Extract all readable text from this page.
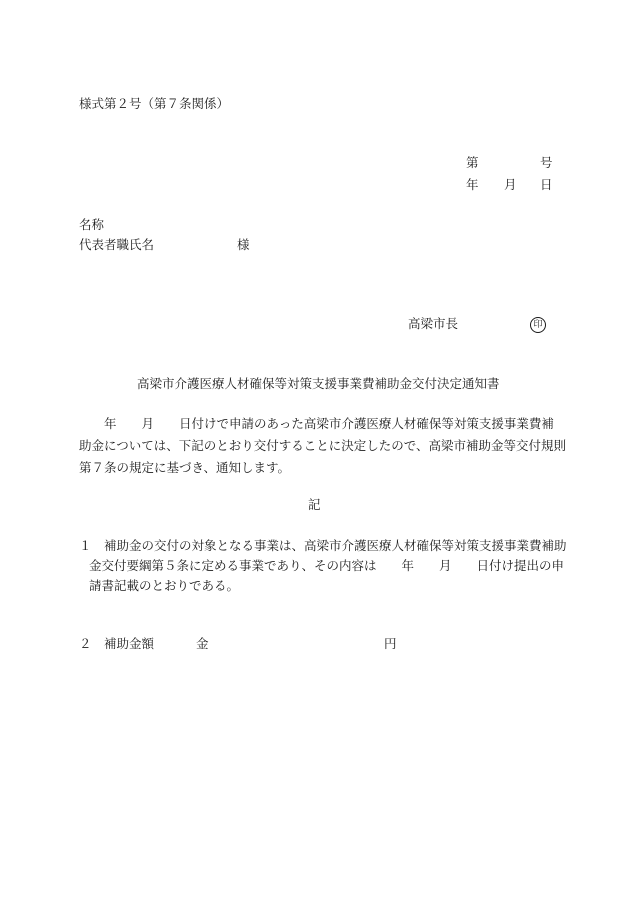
様式第２号（第７条関係）
第	号
年 月 日
名称
代表者職氏名	様
高梁市長	印
高梁市介護医療人材確保等対策支援事業費補助金交付決定通知書
　　年　　月　　日付けで申請のあった高梁市介護医療人材確保等対策支援事業費補
助金については、下記のとおり交付することに決定したので、高梁市補助金等交付規則
第７条の規定に基づき、通知します。
記
１　補助金の交付の対象となる事業は、高梁市介護医療人材確保等対策支援事業費補助
金交付要綱第５条に定める事業であり、その内容は　　年　　月　　日付け提出の申
請書記載のとおりである。
２　補助金額	金	円
